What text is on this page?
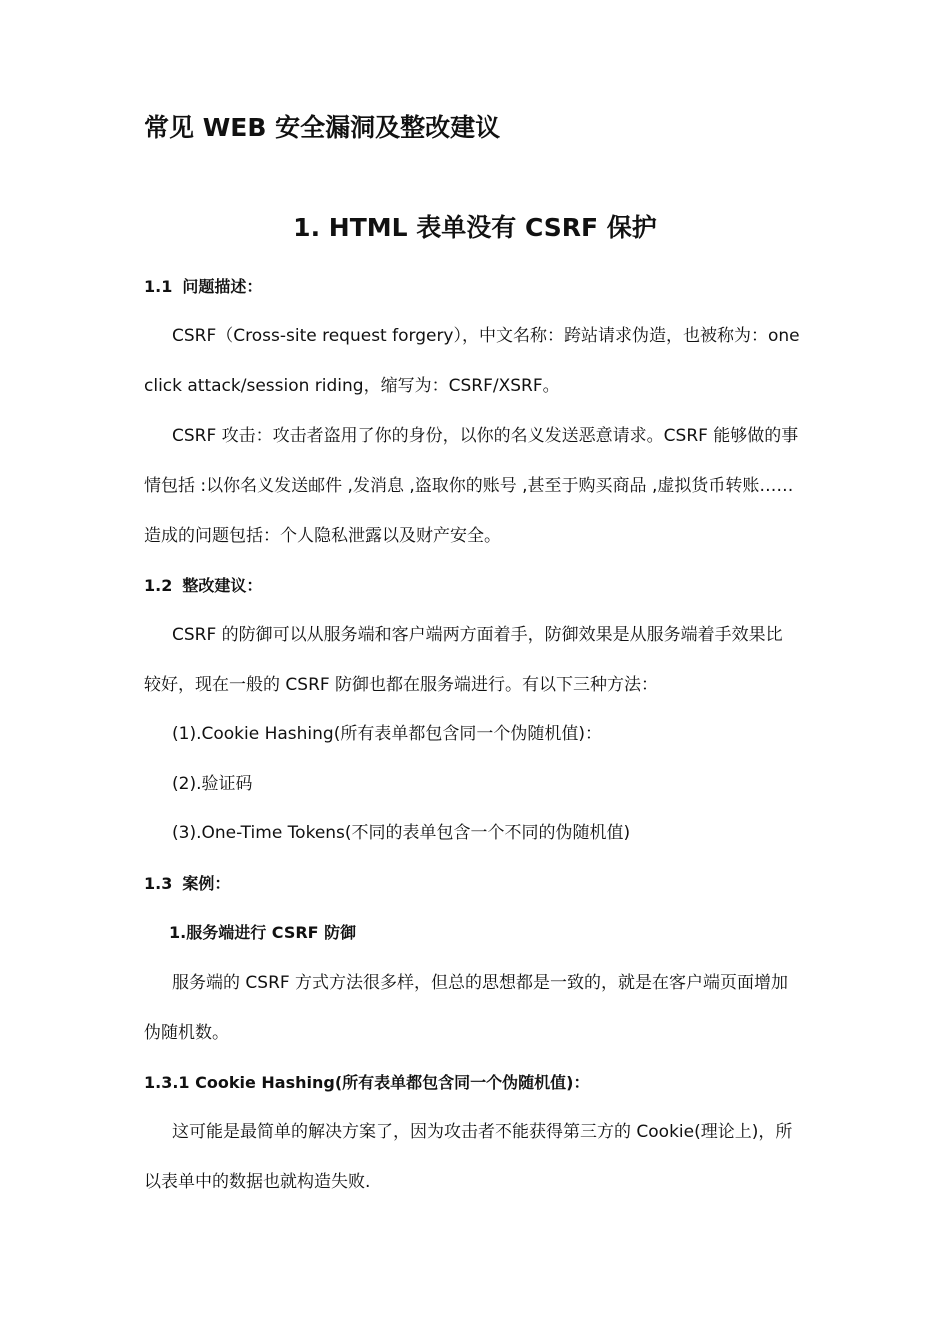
常见 WEB 安全漏洞及整改建议
1. HTML 表单没有 CSRF 保护
1.1 问题描述：
CSRF（Cross-site request forgery），中文名称：跨站请求伪造，也被称为：one
click attack/session riding，缩写为：CSRF/XSRF。
CSRF 攻击：攻击者盗用了你的身份，以你的名义发送恶意请求。CSRF 能够做的事
情包括 :以你名义发送邮件 ,发消息 ,盗取你的账号 ,甚至于购买商品 ,虚拟货币转账……
造成的问题包括：个人隐私泄露以及财产安全。
1.2 整改建议：
CSRF 的防御可以从服务端和客户端两方面着手，防御效果是从服务端着手效果比
较好，现在一般的 CSRF 防御也都在服务端进行。有以下三种方法：
(1).Cookie Hashing(所有表单都包含同一个伪随机值)：
(2).验证码
(3).One-Time Tokens(不同的表单包含一个不同的伪随机值)
1.3 案例：
1.服务端进行 CSRF 防御
服务端的 CSRF 方式方法很多样，但总的思想都是一致的，就是在客户端页面增加
伪随机数。
1.3.1 Cookie Hashing(所有表单都包含同一个伪随机值)：
这可能是最简单的解决方案了，因为攻击者不能获得第三方的 Cookie(理论上)，所
以表单中的数据也就构造失败.
